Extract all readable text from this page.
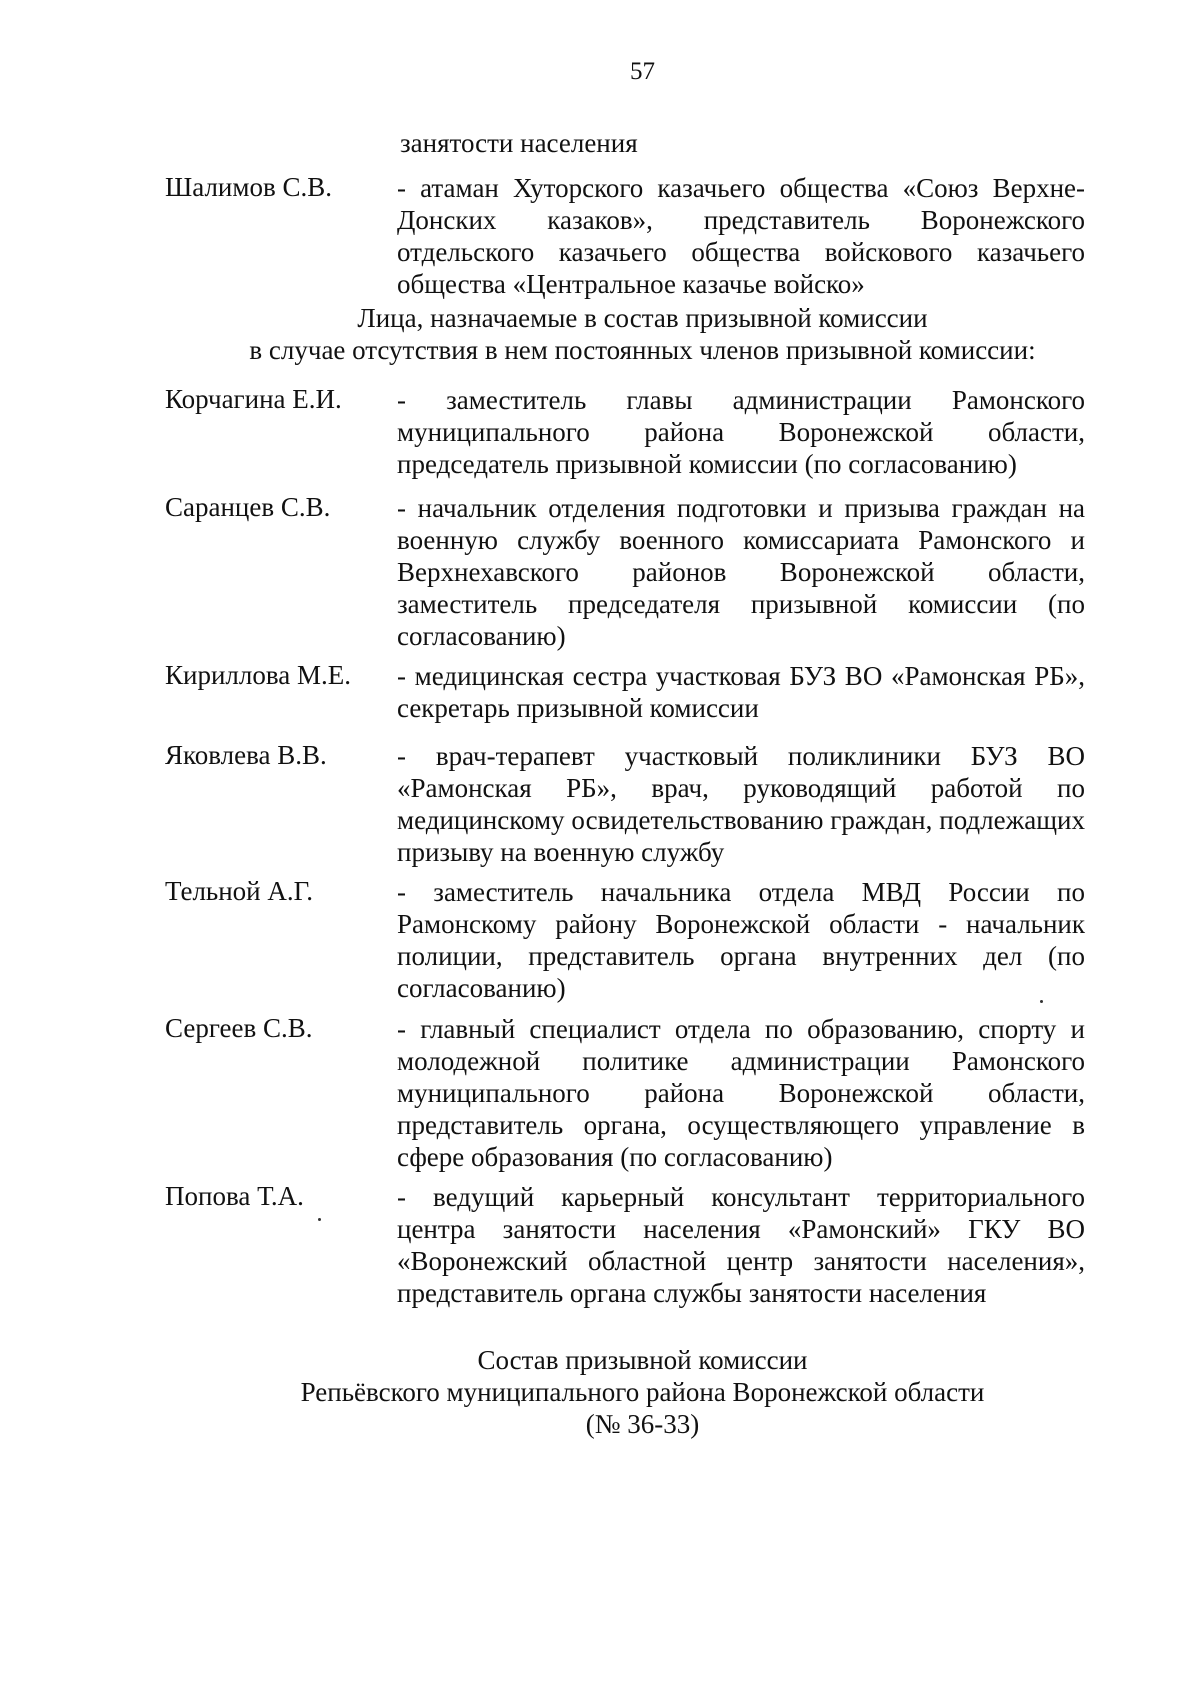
57
занятости населения
Шалимов С.В. - атаман Хуторского казачьего общества «Союз Верхне-Донских казаков», представитель Воронежского отдельского казачьего общества войскового казачьего общества «Центральное казачье войско»

Лица, назначаемые в состав призывной комиссии
в случае отсутствия в нем постоянных членов призывной комиссии:
Корчагина Е.И. - заместитель главы администрации Рамонского муниципального района Воронежской области, председатель призывной комиссии (по согласованию)

Саранцев С.В. - начальник отделения подготовки и призыва граждан на военную службу военного комиссариата Рамонского и Верхнехавского районов Воронежской области, заместитель председателя призывной комиссии (по согласованию)

Кириллова М.Е. - медицинская сестра участковая БУЗ ВО «Рамонская РБ», секретарь призывной комиссии

Яковлева В.В.	- врач-терапевт участковый поликлиники БУЗ ВО «Рамонская РБ», врач, руководящий работой по медицинскому освидетельствованию граждан, подлежащих призыву на военную службу

Тельной А.Г.	- заместитель начальника отдела МВД России по Рамонскому району Воронежской области - начальник полиции, представитель органа внутренних дел (по согласованию)

Сергеев С.В.	- главный специалист отдела по образованию, спорту и молодежной политике администрации Рамонского муниципального района Воронежской области, представитель органа, осуществляющего управление в сфере образования (по согласованию)

Попова Т.А.	- ведущий карьерный консультант территориального центра занятости населения «Рамонский» ГКУ ВО «Воронежский областной центр занятости населения», представитель органа службы занятости населения

Состав призывной комиссии
Репьёвского муниципального района Воронежской области
(№ 36-33)
